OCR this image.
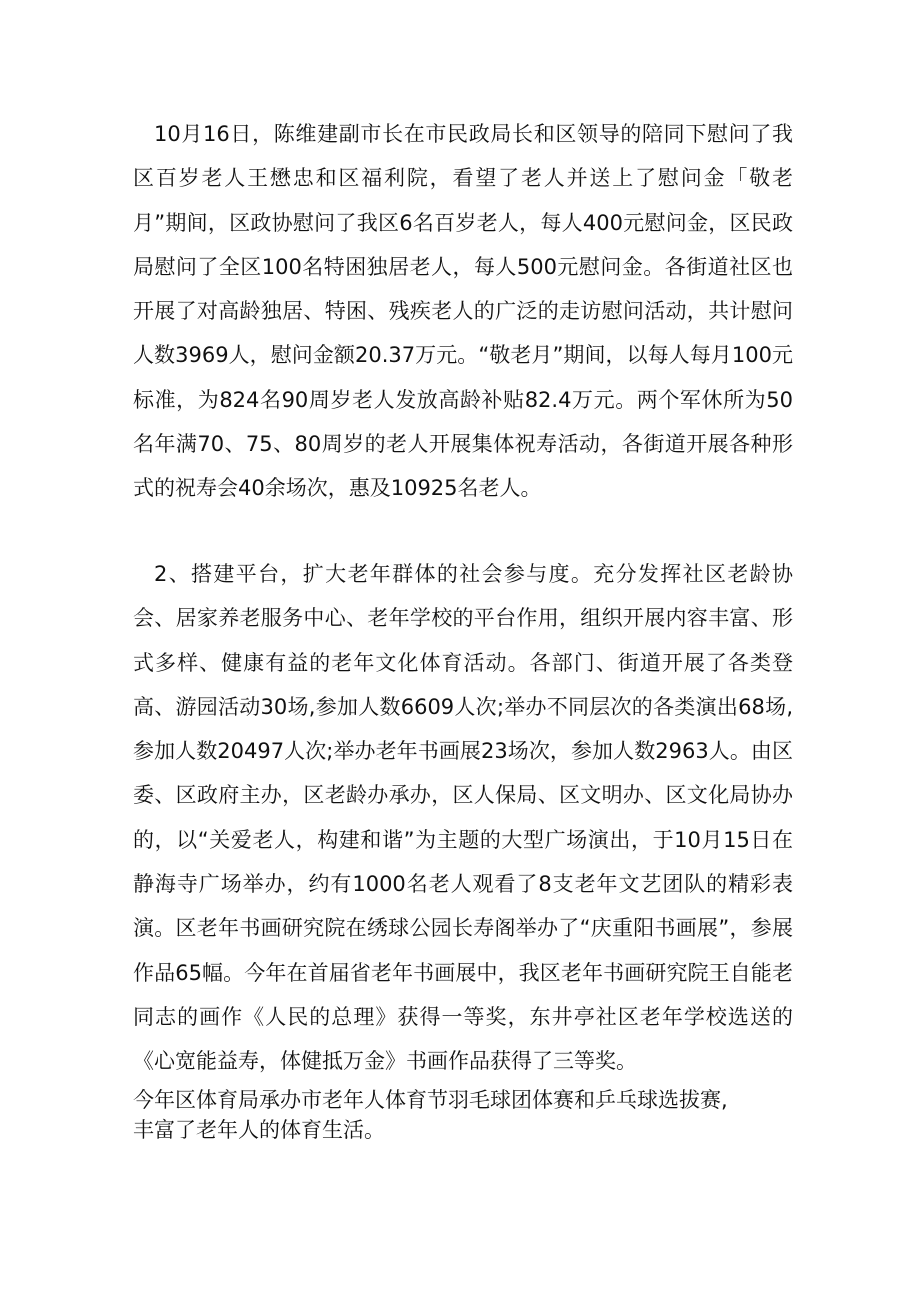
10月16日，陈维建副市长在市民政局长和区领导的陪同下慰问了我区百岁老人王懋忠和区福利院，看望了老人并送上了慰问金「敬老月”期间，区政协慰问了我区6名百岁老人，每人400元慰问金，区民政局慰问了全区100名特困独居老人，每人500元慰问金。各街道社区也开展了对高龄独居、特困、残疾老人的广泛的走访慰问活动，共计慰问人数3969人，慰问金额20.37万元。“敬老月”期间，以每人每月100元标准，为824名90周岁老人发放高龄补贴82.4万元。两个军休所为50名年满70、75、80周岁的老人开展集体祝寿活动，各街道开展各种形式的祝寿会40余场次，惠及10925名老人。

2、搭建平台，扩大老年群体的社会参与度。充分发挥社区老龄协会、居家养老服务中心、老年学校的平台作用，组织开展内容丰富、形式多样、健康有益的老年文化体育活动。各部门、街道开展了各类登高、游园活动30场,参加人数6609人次;举办不同层次的各类演出68场,参加人数20497人次;举办老年书画展23场次，参加人数2963人。由区委、区政府主办，区老龄办承办，区人保局、区文明办、区文化局协办的，以“关爱老人，构建和谐”为主题的大型广场演出，于10月15日在静海寺广场举办，约有1000名老人观看了8支老年文艺团队的精彩表演。区老年书画研究院在绣球公园长寿阁举办了“庆重阳书画展”，参展作品65幅。今年在首届省老年书画展中，我区老年书画研究院王自能老同志的画作《人民的总理》获得一等奖，东井亭社区老年学校选送的《心宽能益寿，体健抵万金》书画作品获得了三等奖。

今年区体育局承办市老年人体育节羽毛球团体赛和乒乓球选拔赛,

丰富了老年人的体育生活。
